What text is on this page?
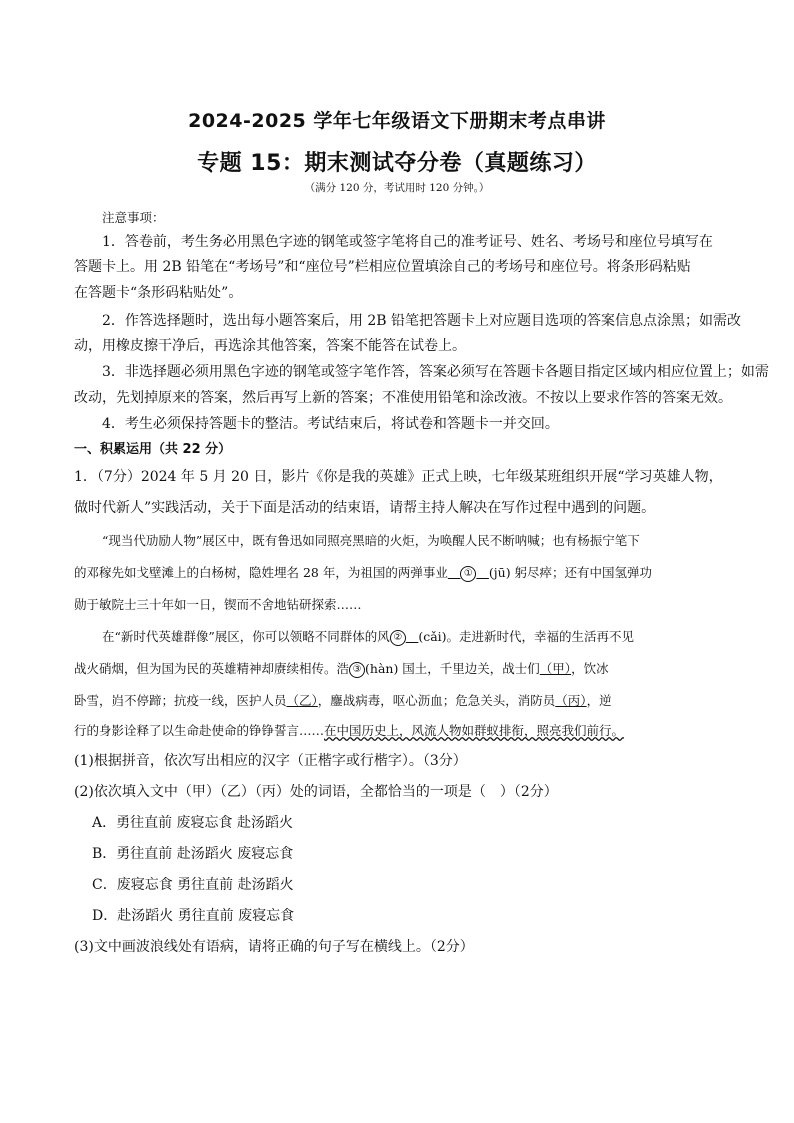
2024-2025 学年七年级语文下册期末考点串讲
专题 15：期末测试夺分卷（真题练习）
（满分 120 分，考试用时 120 分钟。）
注意事项：
1．答卷前，考生务必用黑色字迹的钢笔或签字笔将自己的准考证号、姓名、考场号和座位号填写在
答题卡上。用 2B 铅笔在“考场号”和“座位号”栏相应位置填涂自己的考场号和座位号。将条形码粘贴
在答题卡“条形码粘贴处”。
2．作答选择题时，选出每小题答案后，用 2B 铅笔把答题卡上对应题目选项的答案信息点涂黑；如需改
动，用橡皮擦干净后，再选涂其他答案，答案不能答在试卷上。
3．非选择题必须用黑色字迹的钢笔或签字笔作答，答案必须写在答题卡各题目指定区域内相应位置上；如需
改动，先划掉原来的答案，然后再写上新的答案；不准使用铅笔和涂改液。不按以上要求作答的答案无效。
4．考生必须保持答题卡的整洁。考试结束后，将试卷和答题卡一并交回。
一、积累运用（共 22 分）
1．（7分）2024 年 5 月 20 日，影片《你是我的英雄》正式上映，七年级某班组织开展“学习英雄人物，
做时代新人”实践活动，关于下面是活动的结束语，请帮主持人解决在写作过程中遇到的问题。
“现当代劢励人物”展区中，既有鲁迅如同照亮黑暗的火炬，为唤醒人民不断呐喊；也有杨振宁笔下
的邓稼先如戈壁滩上的白杨树，隐姓埋名 28 年，为祖国的两弹事业　 ①　 (jū) 躬尽瘁；还有中国氢弹功
勋于敏院士三十年如一日，锲而不舍地钻研探索……
在“新时代英雄群像”展区，你可以领略不同群体的风 ②　 (cǎi)。走进新时代，幸福的生活再不见
战火硝烟，但为国为民的英雄精神却赓续相传。浩 ③ (hàn) 国土，千里边关，战士们（甲），饮冰
卧雪，岿不停蹄；抗疫一线，医护人员（乙），鏖战病毒，呕心沥血；危急关头，消防员（丙），逆
行的身影诠释了以生命赴使命的铮铮誓言……在中国历史上，风流人物如群蚁排衔，照亮我们前行。
(1)根据拼音，依次写出相应的汉字（正楷字或行楷字）。（3分）
(2)依次填入文中（甲）（乙）（丙）处的词语，全都恰当的一项是（　）（2分）
A．勇往直前 废寝忘食 赴汤蹈火
B．勇往直前 赴汤蹈火 废寝忘食
C．废寝忘食 勇往直前 赴汤蹈火
D．赴汤蹈火 勇往直前 废寝忘食
(3)文中画波浪线处有语病，请将正确的句子写在横线上。（2分）
